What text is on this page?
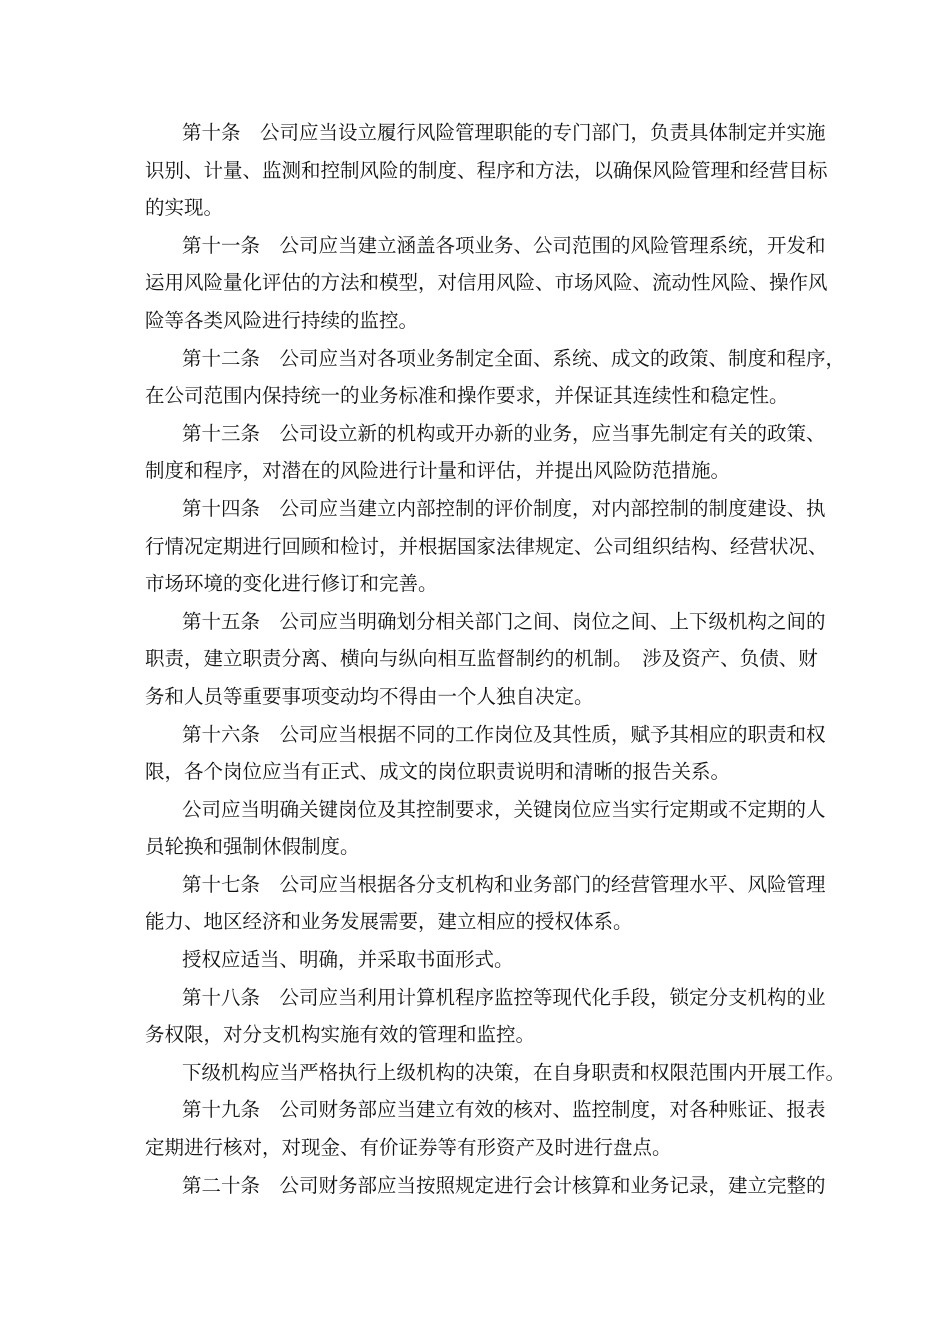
第十条　公司应当设立履行风险管理职能的专门部门，负责具体制定并实施
识别、计量、监测和控制风险的制度、程序和方法，以确保风险管理和经营目标
的实现。
第十一条　公司应当建立涵盖各项业务、公司范围的风险管理系统，开发和
运用风险量化评估的方法和模型，对信用风险、市场风险、流动性风险、操作风
险等各类风险进行持续的监控。
第十二条　公司应当对各项业务制定全面、系统、成文的政策、制度和程序，
在公司范围内保持统一的业务标准和操作要求，并保证其连续性和稳定性。
第十三条　公司设立新的机构或开办新的业务，应当事先制定有关的政策、
制度和程序，对潜在的风险进行计量和评估，并提出风险防范措施。
第十四条　公司应当建立内部控制的评价制度，对内部控制的制度建设、执
行情况定期进行回顾和检讨，并根据国家法律规定、公司组织结构、经营状况、
市场环境的变化进行修订和完善。
第十五条　公司应当明确划分相关部门之间、岗位之间、上下级机构之间的
职责，建立职责分离、横向与纵向相互监督制约的机制。　涉及资产、负债、财
务和人员等重要事项变动均不得由一个人独自决定。
第十六条　公司应当根据不同的工作岗位及其性质，赋予其相应的职责和权
限，各个岗位应当有正式、成文的岗位职责说明和清晰的报告关系。
公司应当明确关键岗位及其控制要求，关键岗位应当实行定期或不定期的人
员轮换和强制休假制度。
第十七条　公司应当根据各分支机构和业务部门的经营管理水平、风险管理
能力、地区经济和业务发展需要，建立相应的授权体系。
授权应适当、明确，并采取书面形式。
第十八条　公司应当利用计算机程序监控等现代化手段，锁定分支机构的业
务权限，对分支机构实施有效的管理和监控。
下级机构应当严格执行上级机构的决策，在自身职责和权限范围内开展工作。
第十九条　公司财务部应当建立有效的核对、监控制度，对各种账证、报表
定期进行核对，对现金、有价证券等有形资产及时进行盘点。
第二十条　公司财务部应当按照规定进行会计核算和业务记录，建立完整的
